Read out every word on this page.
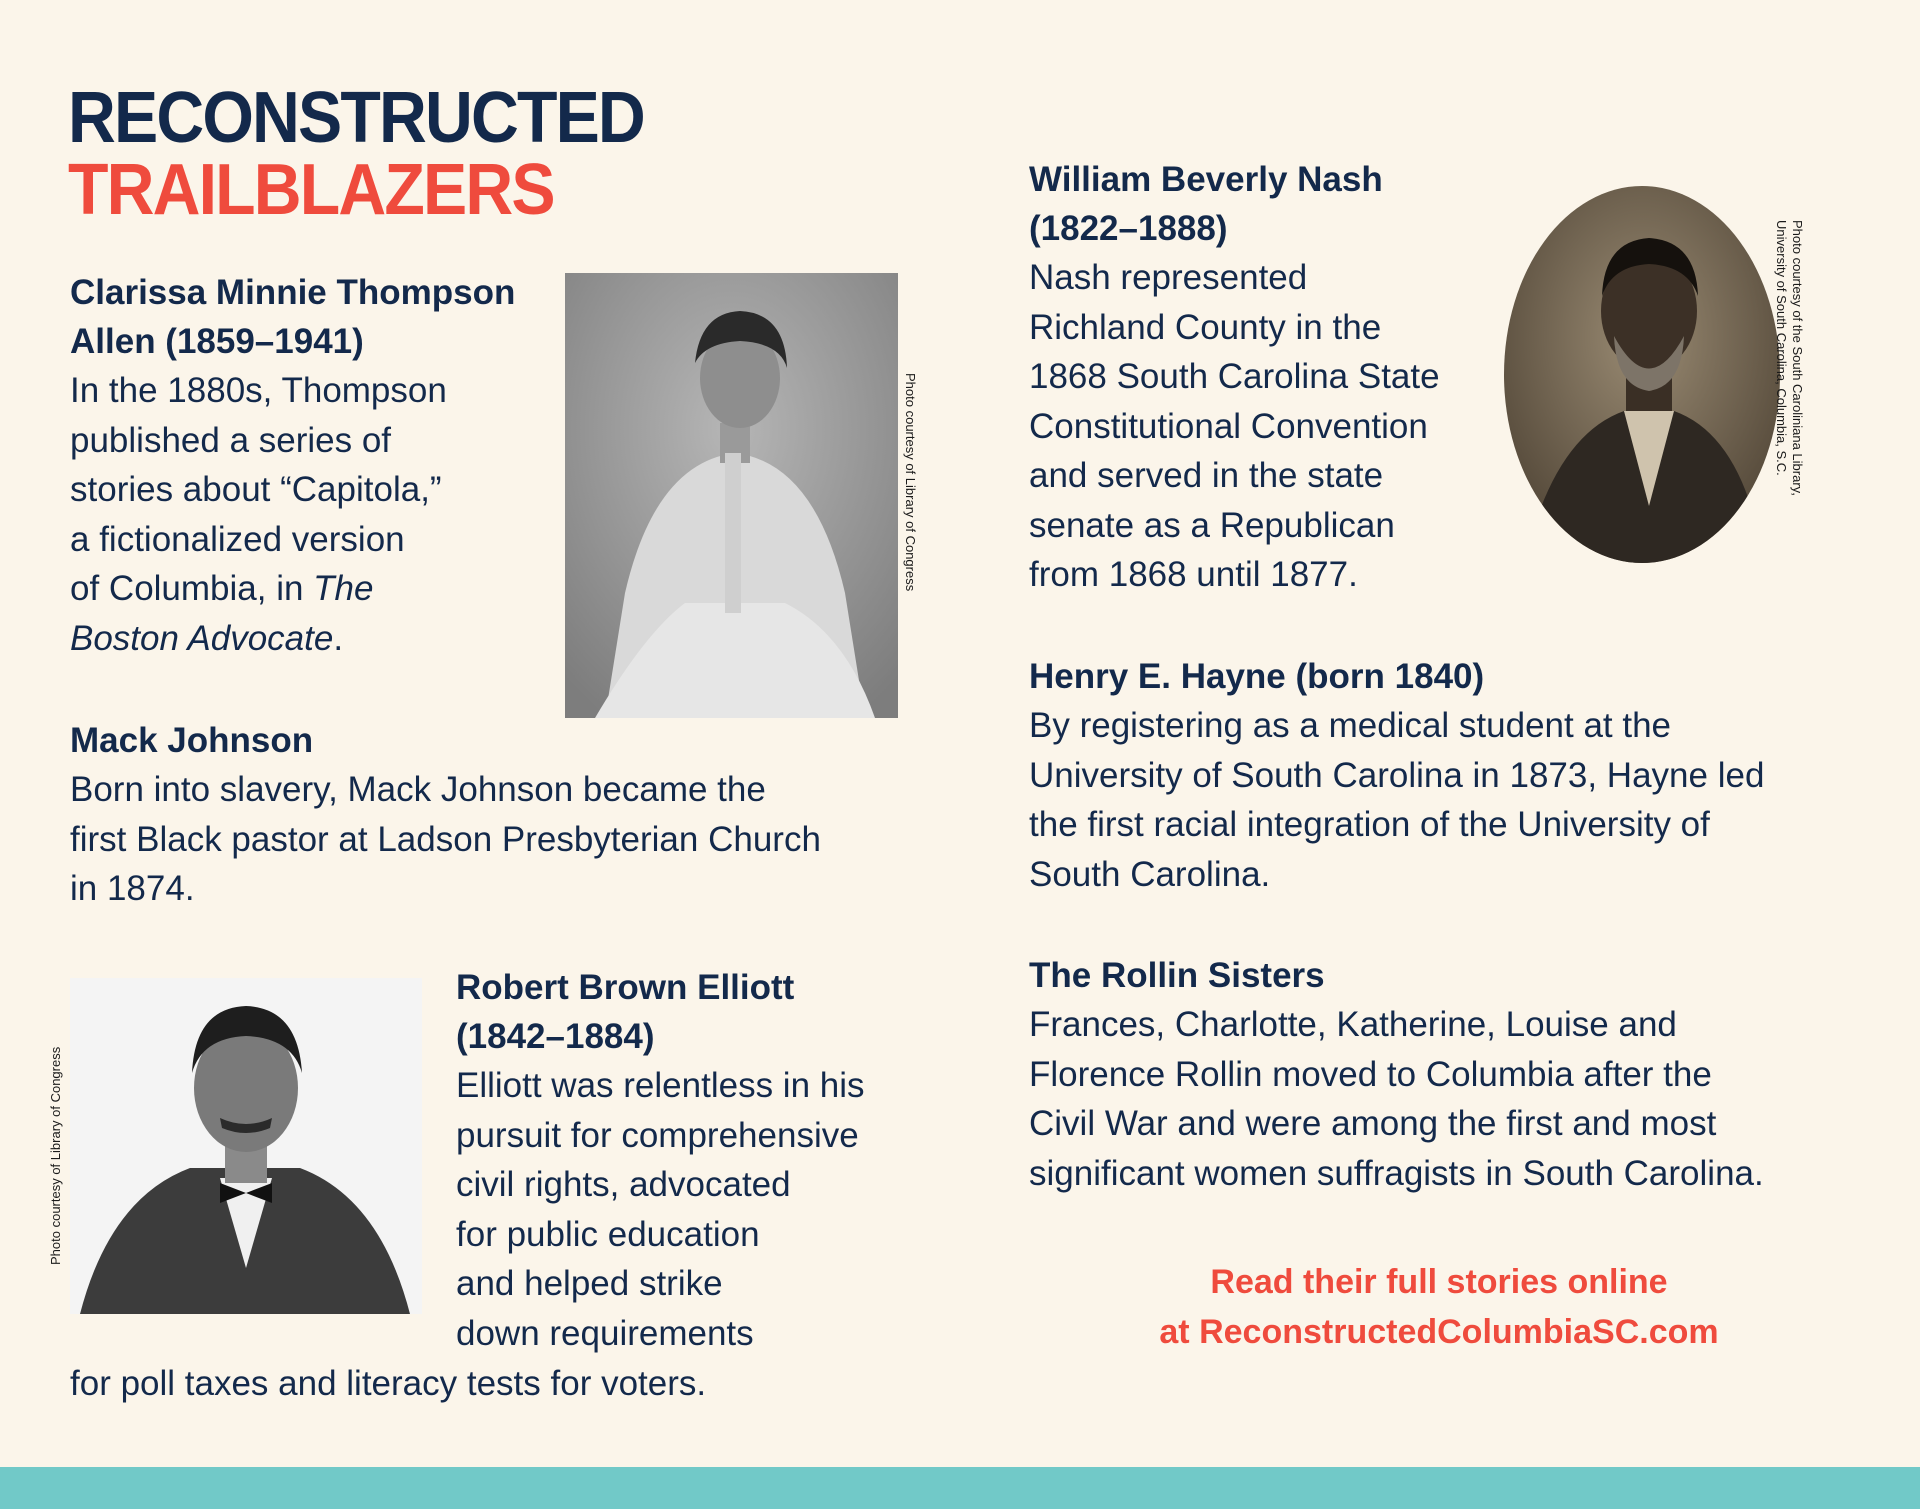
RECONSTRUCTED
TRAILBLAZERS

Clarissa Minnie Thompson
Allen (1859–1941)

In the 1880s, Thompson
published a series of
stories about “Capitola,”
a fictionalized version
of Columbia, in The
Boston Advocate.

Photo courtesy of Library of Congress

Mack Johnson

Born into slavery, Mack Johnson became the
first Black pastor at Ladson Presbyterian Church
in 1874.

Photo courtesy of Library of Congress

Robert Brown Elliott
(1842–1884)

Elliott was relentless in his
pursuit for comprehensive
civil rights, advocated
for public education
and helped strike
down requirements

for poll taxes and literacy tests for voters.

William Beverly Nash
(1822–1888)

Nash represented
Richland County in the
1868 South Carolina State
Constitutional Convention
and served in the state
senate as a Republican
from 1868 until 1877.

Photo courtesy of the South Caroliniana Library,
University of South Carolina, Columbia, S.C.

Henry E. Hayne (born 1840)

By registering as a medical student at the
University of South Carolina in 1873, Hayne led
the first racial integration of the University of
South Carolina.

The Rollin Sisters

Frances, Charlotte, Katherine, Louise and
Florence Rollin moved to Columbia after the
Civil War and were among the first and most
significant women suffragists in South Carolina.

Read their full stories online
at ReconstructedColumbiaSC.com
